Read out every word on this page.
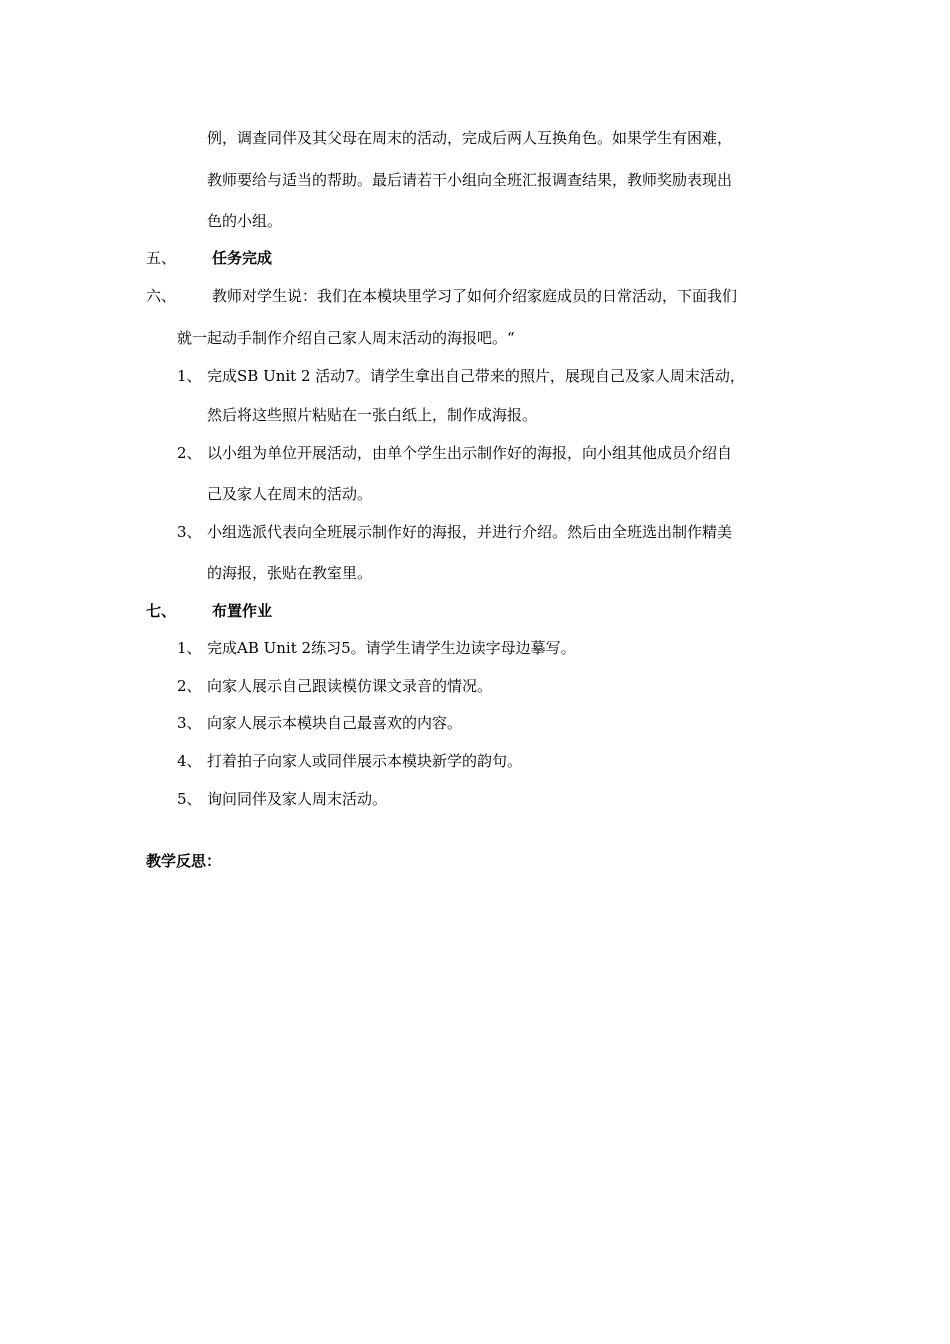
例，调查同伴及其父母在周末的活动，完成后两人互换角色。如果学生有困难，
教师要给与适当的帮助。最后请若干小组向全班汇报调查结果，教师奖励表现出
色的小组。
五、 任务完成
六、 教师对学生说：我们在本模块里学习了如何介绍家庭成员的日常活动，下面我们
就一起动手制作介绍自己家人周末活动的海报吧。“
1、 完成SB Unit 2 活动7。请学生拿出自己带来的照片，展现自己及家人周末活动，
然后将这些照片粘贴在一张白纸上，制作成海报。
2、 以小组为单位开展活动，由单个学生出示制作好的海报，向小组其他成员介绍自
己及家人在周末的活动。
3、 小组选派代表向全班展示制作好的海报，并进行介绍。然后由全班选出制作精美
的海报，张贴在教室里。
七、 布置作业
1、 完成AB Unit 2练习5。请学生请学生边读字母边摹写。
2、 向家人展示自己跟读模仿课文录音的情况。
3、 向家人展示本模块自己最喜欢的内容。
4、 打着拍子向家人或同伴展示本模块新学的韵句。
5、 询问同伴及家人周末活动。
教学反思：
